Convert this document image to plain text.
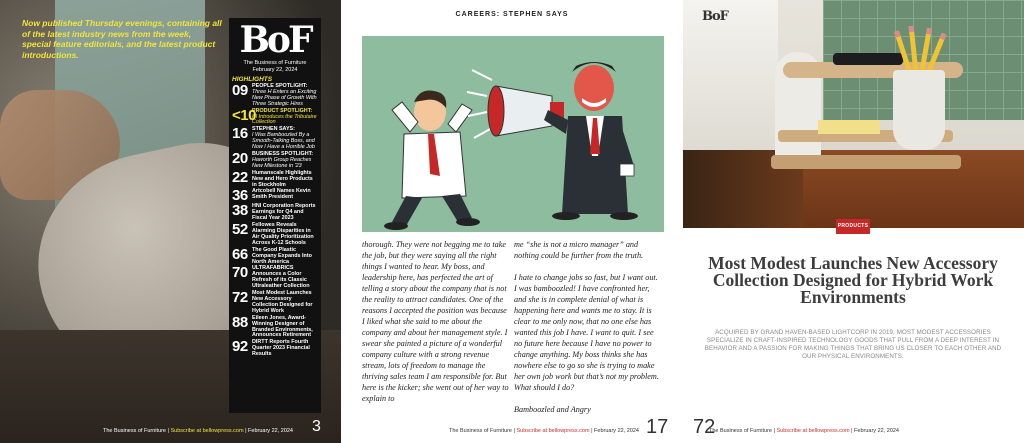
Now published Thursday evenings, containing all of the latest industry news from the week, special feature editorials, and the latest product introductions.	BoF
The Business of Furniture
February 22, 2024
HIGHLIGHTS
09 PEOPLE SPOTLIGHT:
Three H Enters an Exciting New Phase of Growth With Three Strategic Hires
<10
PRODUCT SPOTLIGHT:
KI Introduces the Tributaire Collection
16 STEPHEN SAYS:
I Was Bamboozled By a Smooth-Talking Boss, and Now I Have a Horrible Job
20 BUSINESS SPOTLIGHT:
Haworth Group Reaches New Milestone in '23
22 Humanscale Highlights New and Hero Products in Stockholm
36 Artcobell Names Kevin Smith President
38 HNI Corporation Reports Earnings for Q4 and Fiscal Year 2023
52 Fellowes Reveals Alarming Disparities in Air Quality Prioritization Across K-12 Schools
66 The Good Plastic Company Expands Into North America
70 ULTRAFABRICS Announces a Color Refresh of its Classic Ultraleather Collection
72 Most Modest Launches New Accessory Collection Designed for Hybrid Work
88 Eileen Jones, Award-Winning Designer of Branded Environments, Announces Retirement
92 DIRTT Reports Fourth Quarter 2023 Financial Results
The Business of Furniture | Subscribe at bellowpress.com | February 22, 2024 3
CAREERS: STEPHEN SAYS

thorough. They were not begging me to take the job, but they were saying all the right things I wanted to hear. My boss, and leadership here, has perfected the art of telling a story about the company that is not the reality to attract candidates. One of the reasons I accepted the position was because I liked what she said to me about the company and about her management style. I swear she painted a picture of a wonderful company culture with a strong revenue stream, lots of freedom to manage the thriving sales team I am responsible for. But here is the kicker; she went out of her way to explain to

me “she is not a micro manager” and nothing could be further from the truth.

I hate to change jobs so fast, but I want out. I was bamboozled! I have confronted her, and she is in complete denial of what is happening here and wants me to stay. It is clear to me only now, that no one else has wanted this job I have. I want to quit. I see no future here because I have no power to change anything. My boss thinks she has nowhere else to go so she is trying to make her own job work but that’s not my problem. What should I do?

Bamboozled and Angry

The Business of Furniture | Subscribe at bellowpress.com | February 22, 2024 17
BoF
PRODUCTS
Most Modest Launches New Accessory Collection Designed for Hybrid Work Environments
ACQUIRED BY GRAND HAVEN-BASED LIGHTCORP IN 2019, MOST MODEST ACCESSORIES SPECIALIZE IN CRAFT-INSPIRED TECHNOLOGY GOODS THAT PULL FROM A DEEP INTEREST IN BEHAVIOR AND A PASSION FOR MAKING THINGS THAT BRING US CLOSER TO EACH OTHER AND OUR PHYSICAL ENVIRONMENTS.
72
The Business of Furniture | Subscribe at bellowpress.com | February 22, 2024
